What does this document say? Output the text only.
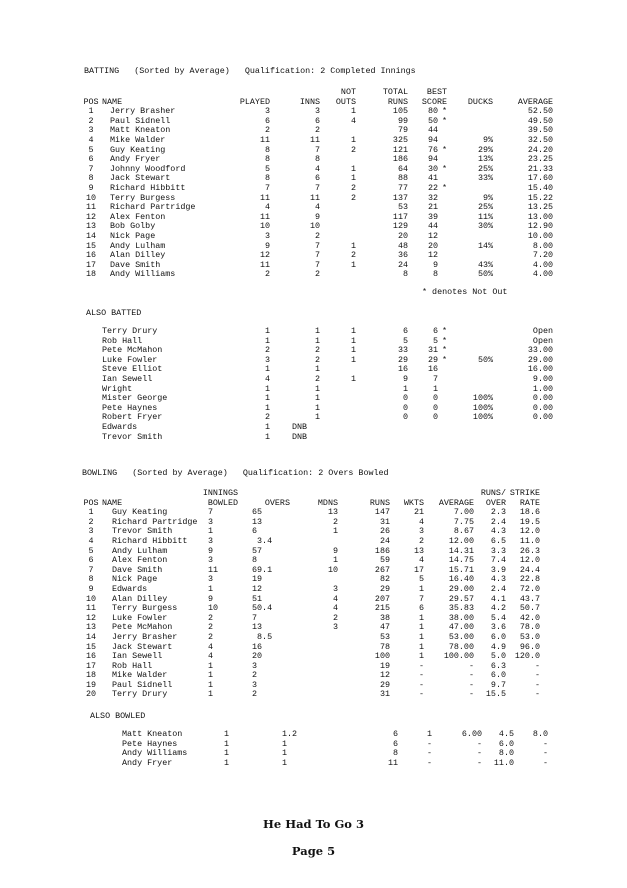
BATTING   (Sorted by Average)   Qualification: 2 Completed Innings
				NOT	TOTAL	BEST		
POS	NAME	PLAYED	INNS	OUTS	RUNS	SCORE	DUCKS	AVERAGE
1	Jerry Brasher	3	3	1	105	80 *		52.50
2	Paul Sidnell	6	6	4	99	50 *		49.50
3	Matt Kneaton	2	2		79	44		39.50
4	Mike Walder	11	11	1	325	94	9%	32.50
5	Guy Keating	8	7	2	121	76 *	29%	24.20
6	Andy Fryer	8	8		186	94	13%	23.25
7	Johnny Woodford	5	4	1	64	30 *	25%	21.33
8	Jack Stewart	8	6	1	88	41	33%	17.60
9	Richard Hibbitt	7	7	2	77	22 *		15.40
10	Terry Burgess	11	11	2	137	32	9%	15.22
11	Richard Partridge	4	4		53	21	25%	13.25
12	Alex Fenton	11	9		117	39	11%	13.00
13	Bob Golby	10	10		129	44	30%	12.90
14	Nick Page	3	2		20	12		10.00
15	Andy Lulham	9	7	1	48	20	14%	8.00
16	Alan Dilley	12	7	2	36	12		7.20
17	Dave Smith	11	7	1	24	9	43%	4.00
18	Andy Williams	2	2		8	8	50%	4.00
* denotes Not Out
ALSO BATTED
Terry Drury	1	1	1	6	6 *		Open
Rob Hall	1	1	1	5	5 *		Open
Pete McMahon	2	2	1	33	31 *		33.00
Luke Fowler	3	2	1	29	29 *	50%	29.00
Steve Elliot	1	1		16	16		16.00
Ian Sewell	4	2	1	9	7		9.00
Wright	1	1		1	1		1.00
Mister George	1	1		0	0	100%	0.00
Pete Haynes	1	1		0	0	100%	0.00
Robert Fryer	2	1		0	0	100%	0.00
Edwards	1	DNB					
Trevor Smith	1	DNB					
BOWLING   (Sorted by Average)   Qualification: 2 Overs Bowled
	INNINGS							RUNS/	STRIKE
POS	NAME	BOWLED	OVERS	MDNS	RUNS	WKTS	AVERAGE	OVER	RATE
1	Guy Keating	7	65	13	147	21	7.00	2.3	18.6
2	Richard Partridge	3	13	2	31	4	7.75	2.4	19.5
3	Trevor Smith	1	6	1	26	3	8.67	4.3	12.0
4	Richard Hibbitt	3	3.4		24	2	12.00	6.5	11.0
5	Andy Lulham	9	57	9	186	13	14.31	3.3	26.3
6	Alex Fenton	3	8	1	59	4	14.75	7.4	12.0
7	Dave Smith	11	69.1	10	267	17	15.71	3.9	24.4
8	Nick Page	3	19		82	5	16.40	4.3	22.8
9	Edwards	1	12	3	29	1	29.00	2.4	72.0
10	Alan Dilley	9	51	4	207	7	29.57	4.1	43.7
11	Terry Burgess	10	50.4	4	215	6	35.83	4.2	50.7
12	Luke Fowler	2	7	2	38	1	38.00	5.4	42.0
13	Pete McMahon	2	13	3	47	1	47.00	3.6	78.0
14	Jerry Brasher	2	8.5		53	1	53.00	6.0	53.0
15	Jack Stewart	4	16		78	1	78.00	4.9	96.0
16	Ian Sewell	4	20		100	1	100.00	5.0	120.0
17	Rob Hall	1	3		19	-	-	6.3	-
18	Mike Walder	1	2		12	-	-	6.0	-
19	Paul Sidnell	1	3		29	-	-	9.7	-
20	Terry Drury	1	2		31	-	-	15.5	-
ALSO BOWLED
Matt Kneaton	1	1.2	6	1	6.00	4.5	8.0
Pete Haynes	1	1	6	-	-	6.0	-
Andy Williams	1	1	8	-	-	8.0	-
Andy Fryer	1	1	11	-	-	11.0	-
He Had To Go 3
Page 5
